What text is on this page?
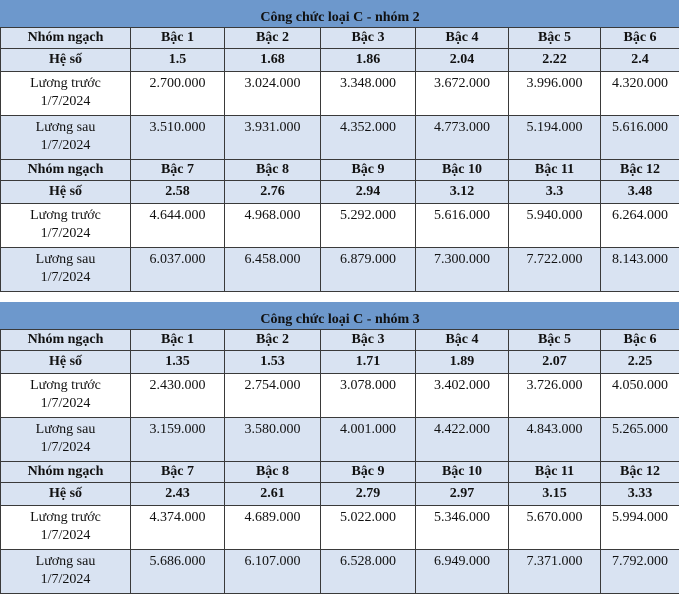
Công chức loại C - nhóm 2						
Nhóm ngạch	Bậc 1	Bậc 2	Bậc 3	Bậc 4	Bậc 5	Bậc 6
Hệ số	1.5	1.68	1.86	2.04	2.22	2.4

Lương trước
1/7/2024	2.700.000	3.024.000	3.348.000	3.672.000	3.996.000	4.320.000

Lương sau
1/7/2024	3.510.000	3.931.000	4.352.000	4.773.000	5.194.000	5.616.000
Nhóm ngạch	Bậc 7	Bậc 8	Bậc 9	Bậc 10	Bậc 11	Bậc 12
Hệ số	2.58	2.76	2.94	3.12	3.3	3.48

Lương trước
1/7/2024	4.644.000	4.968.000	5.292.000	5.616.000	5.940.000	6.264.000

Lương sau
1/7/2024	6.037.000	6.458.000	6.879.000	7.300.000	7.722.000	8.143.000
Công chức loại C - nhóm 3						
Nhóm ngạch	Bậc 1	Bậc 2	Bậc 3	Bậc 4	Bậc 5	Bậc 6
Hệ số	1.35	1.53	1.71	1.89	2.07	2.25

Lương trước
1/7/2024	2.430.000	2.754.000	3.078.000	3.402.000	3.726.000	4.050.000

Lương sau
1/7/2024	3.159.000	3.580.000	4.001.000	4.422.000	4.843.000	5.265.000
Nhóm ngạch	Bậc 7	Bậc 8	Bậc 9	Bậc 10	Bậc 11	Bậc 12
Hệ số	2.43	2.61	2.79	2.97	3.15	3.33

Lương trước
1/7/2024	4.374.000	4.689.000	5.022.000	5.346.000	5.670.000	5.994.000

Lương sau
1/7/2024	5.686.000	6.107.000	6.528.000	6.949.000	7.371.000	7.792.000
